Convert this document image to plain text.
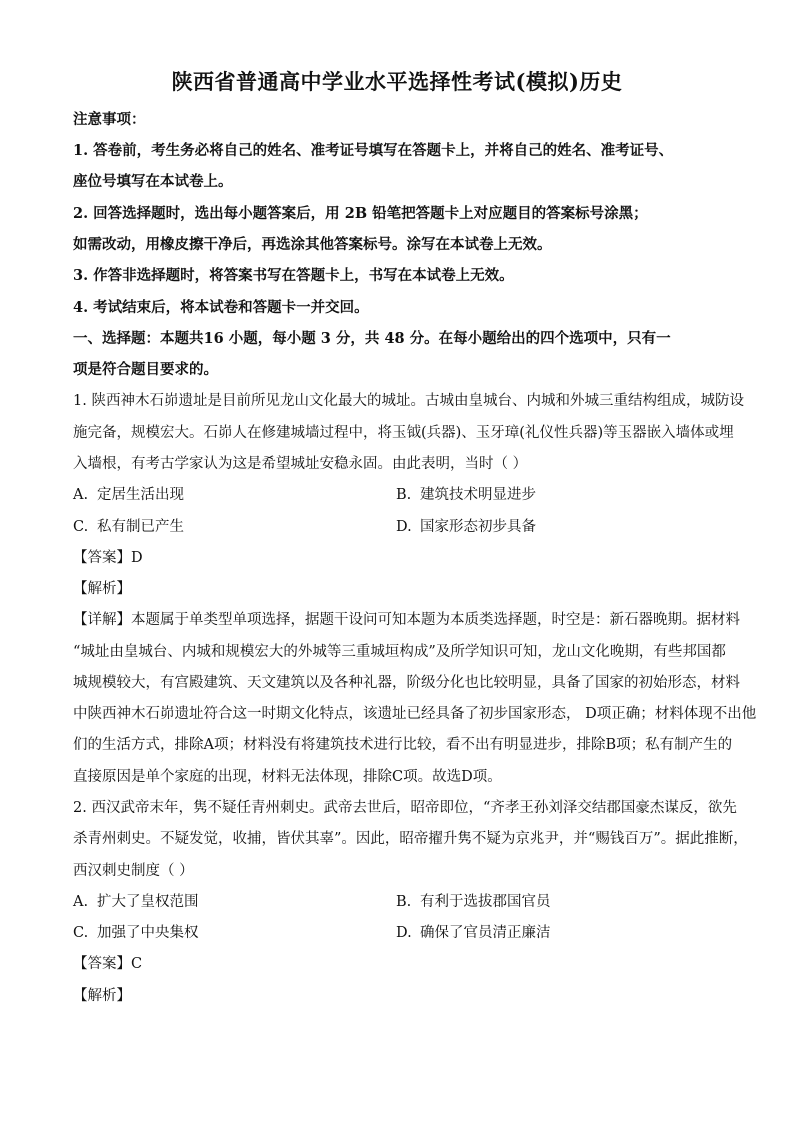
陕西省普通高中学业水平选择性考试(模拟)历史
注意事项：
1. 答卷前，考生务必将自己的姓名、准考证号填写在答题卡上，并将自己的姓名、准考证号、
座位号填写在本试卷上。
2. 回答选择题时，选出每小题答案后，用 2B 铅笔把答题卡上对应题目的答案标号涂黑；
如需改动，用橡皮擦干净后，再选涂其他答案标号。涂写在本试卷上无效。
3. 作答非选择题时，将答案书写在答题卡上，书写在本试卷上无效。
4. 考试结束后，将本试卷和答题卡一并交回。
一、选择题：本题共16 小题，每小题 3 分，共 48 分。在每小题给出的四个选项中，只有一
项是符合题目要求的。
1. 陕西神木石峁遗址是目前所见龙山文化最大的城址。古城由皇城台、内城和外城三重结构组成，城防设
施完备，规模宏大。石峁人在修建城墙过程中，将玉钺(兵器)、玉牙璋(礼仪性兵器)等玉器嵌入墙体或埋
入墙根，有考古学家认为这是希望城址安稳永固。由此表明，当时（ ）
A. 定居生活出现	B. 建筑技术明显进步
C. 私有制已产生	D. 国家形态初步具备
【答案】D
【解析】
【详解】本题属于单类型单项选择，据题干设问可知本题为本质类选择题，时空是：新石器晚期。据材料
“城址由皇城台、内城和规模宏大的外城等三重城垣构成”及所学知识可知，龙山文化晚期，有些邦国都
城规模较大，有宫殿建筑、天文建筑以及各种礼器，阶级分化也比较明显，具备了国家的初始形态，材料
中陕西神木石峁遗址符合这一时期文化特点，该遗址已经具备了初步国家形态， D项正确；材料体现不出他
们的生活方式，排除A项；材料没有将建筑技术进行比较，看不出有明显进步，排除B项；私有制产生的
直接原因是单个家庭的出现，材料无法体现，排除C项。故选D项。
2. 西汉武帝末年，隽不疑任青州刺史。武帝去世后，昭帝即位，“齐孝王孙刘泽交结郡国豪杰谋反，欲先
杀青州刺史。不疑发觉，收捕，皆伏其辜”。因此，昭帝擢升隽不疑为京兆尹，并“赐钱百万”。据此推断，
西汉刺史制度（ ）
A. 扩大了皇权范围	B. 有利于选拔郡国官员
C. 加强了中央集权	D. 确保了官员清正廉洁
【答案】C
【解析】
